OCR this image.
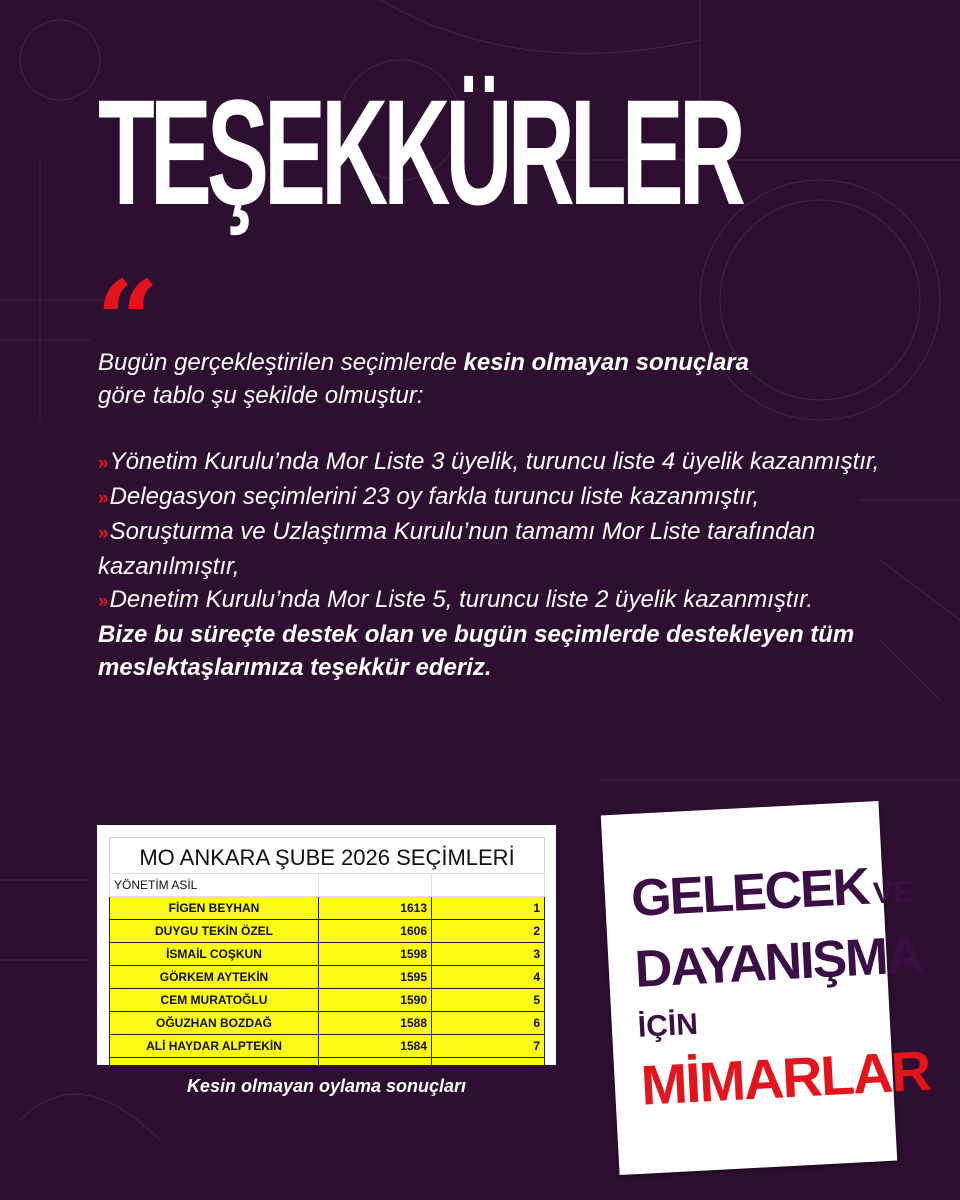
TEŞEKKÜRLER
“

Bugün gerçekleştirilen seçimlerde kesin olmayan sonuçlara

göre tablo şu şekilde olmuştur:

» Yönetim Kurulu’nda Mor Liste 3 üyelik, turuncu liste 4 üyelik kazanmıştır,

» Delegasyon seçimlerini 23 oy farkla turuncu liste kazanmıştır,

» Soruşturma ve Uzlaştırma Kurulu’nun tamamı Mor Liste tarafından kazanılmıştır,

» Denetim Kurulu’nda Mor Liste 5, turuncu liste 2 üyelik kazanmıştır.

Bize bu süreçte destek olan ve bugün seçimlerde destekleyen tüm meslektaşlarımıza teşekkür ederiz.

MO ANKARA ŞUBE 2026 SEÇİMLERİ
YÖNETİM ASİL		
FİGEN BEYHAN	1613	1
DUYGU TEKİN ÖZEL	1606	2
İSMAİL COŞKUN	1598	3
GÖRKEM AYTEKİN	1595	4
CEM MURATOĞLU	1590	5
OĞUZHAN BOZDAĞ	1588	6
ALİ HAYDAR ALPTEKİN	1584	7

Kesin olmayan oylama sonuçları
GELECEK VE
DAYANIŞMA
İÇİN
MİMARLAR
